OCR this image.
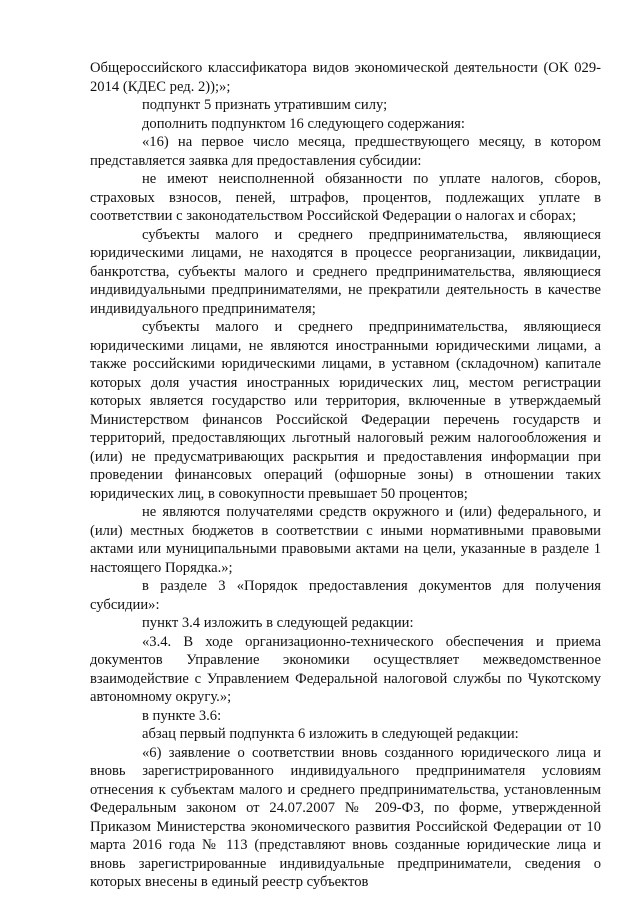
Общероссийского классификатора видов экономической деятельности (ОК 029-2014 (КДЕС ред. 2));»;

подпункт 5 признать утратившим силу;

дополнить подпунктом 16 следующего содержания:

«16) на первое число месяца, предшествующего месяцу, в котором представляется заявка для предоставления субсидии:

не имеют неисполненной обязанности по уплате налогов, сборов, страховых взносов, пеней, штрафов, процентов, подлежащих уплате в соответствии с законодательством Российской Федерации о налогах и сборах;

субъекты малого и среднего предпринимательства, являющиеся юридическими лицами, не находятся в процессе реорганизации, ликвидации, банкротства, субъекты малого и среднего предпринимательства, являющиеся индивидуальными предпринимателями, не прекратили деятельность в качестве индивидуального предпринимателя;

субъекты малого и среднего предпринимательства, являющиеся юридическими лицами, не являются иностранными юридическими лицами, а также российскими юридическими лицами, в уставном (складочном) капитале которых доля участия иностранных юридических лиц, местом регистрации которых является государство или территория, включенные в утверждаемый Министерством финансов Российской Федерации перечень государств и территорий, предоставляющих льготный налоговый режим налогообложения и (или) не предусматривающих раскрытия и предоставления информации при проведении финансовых операций (офшорные зоны) в отношении таких юридических лиц, в совокупности превышает 50 процентов;

не являются получателями средств окружного и (или) федерального, и (или) местных бюджетов в соответствии с иными нормативными правовыми актами или муниципальными правовыми актами на цели, указанные в разделе 1 настоящего Порядка.»;

в разделе 3 «Порядок предоставления документов для получения субсидии»:

пункт 3.4 изложить в следующей редакции:

«3.4. В ходе организационно-технического обеспечения и приема документов Управление экономики осуществляет межведомственное взаимодействие с Управлением Федеральной налоговой службы по Чукотскому автономному округу.»;

в пункте 3.6:

абзац первый подпункта 6 изложить в следующей редакции:

«6) заявление о соответствии вновь созданного юридического лица и вновь зарегистрированного индивидуального предпринимателя условиям отнесения к субъектам малого и среднего предпринимательства, установленным Федеральным законом от 24.07.2007 № 209-ФЗ, по форме, утвержденной Приказом Министерства экономического развития Российской Федерации от 10 марта 2016 года № 113 (представляют вновь созданные юридические лица и вновь зарегистрированные индивидуальные предприниматели, сведения о которых внесены в единый реестр субъектов
